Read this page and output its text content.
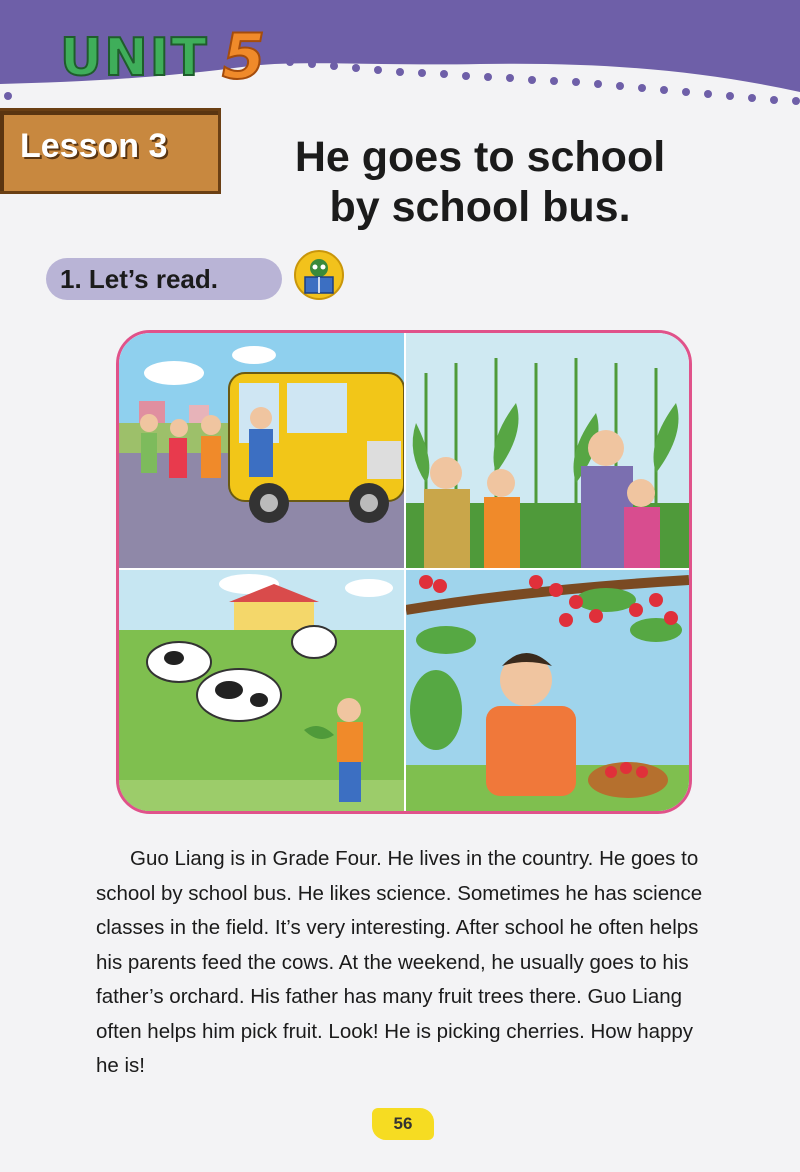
UNIT 5
Lesson 3	He goes to school
by school bus.
1. Let’s read.

Guo Liang is in Grade Four. He lives in the country. He goes to school by school bus. He likes science. Sometimes he has science classes in the field. It’s very interesting. After school he often helps his parents feed the cows. At the weekend, he usually goes to his father’s orchard. His father has many fruit trees there. Guo Liang often helps him pick fruit. Look! He is picking cherries. How happy he is!

56
